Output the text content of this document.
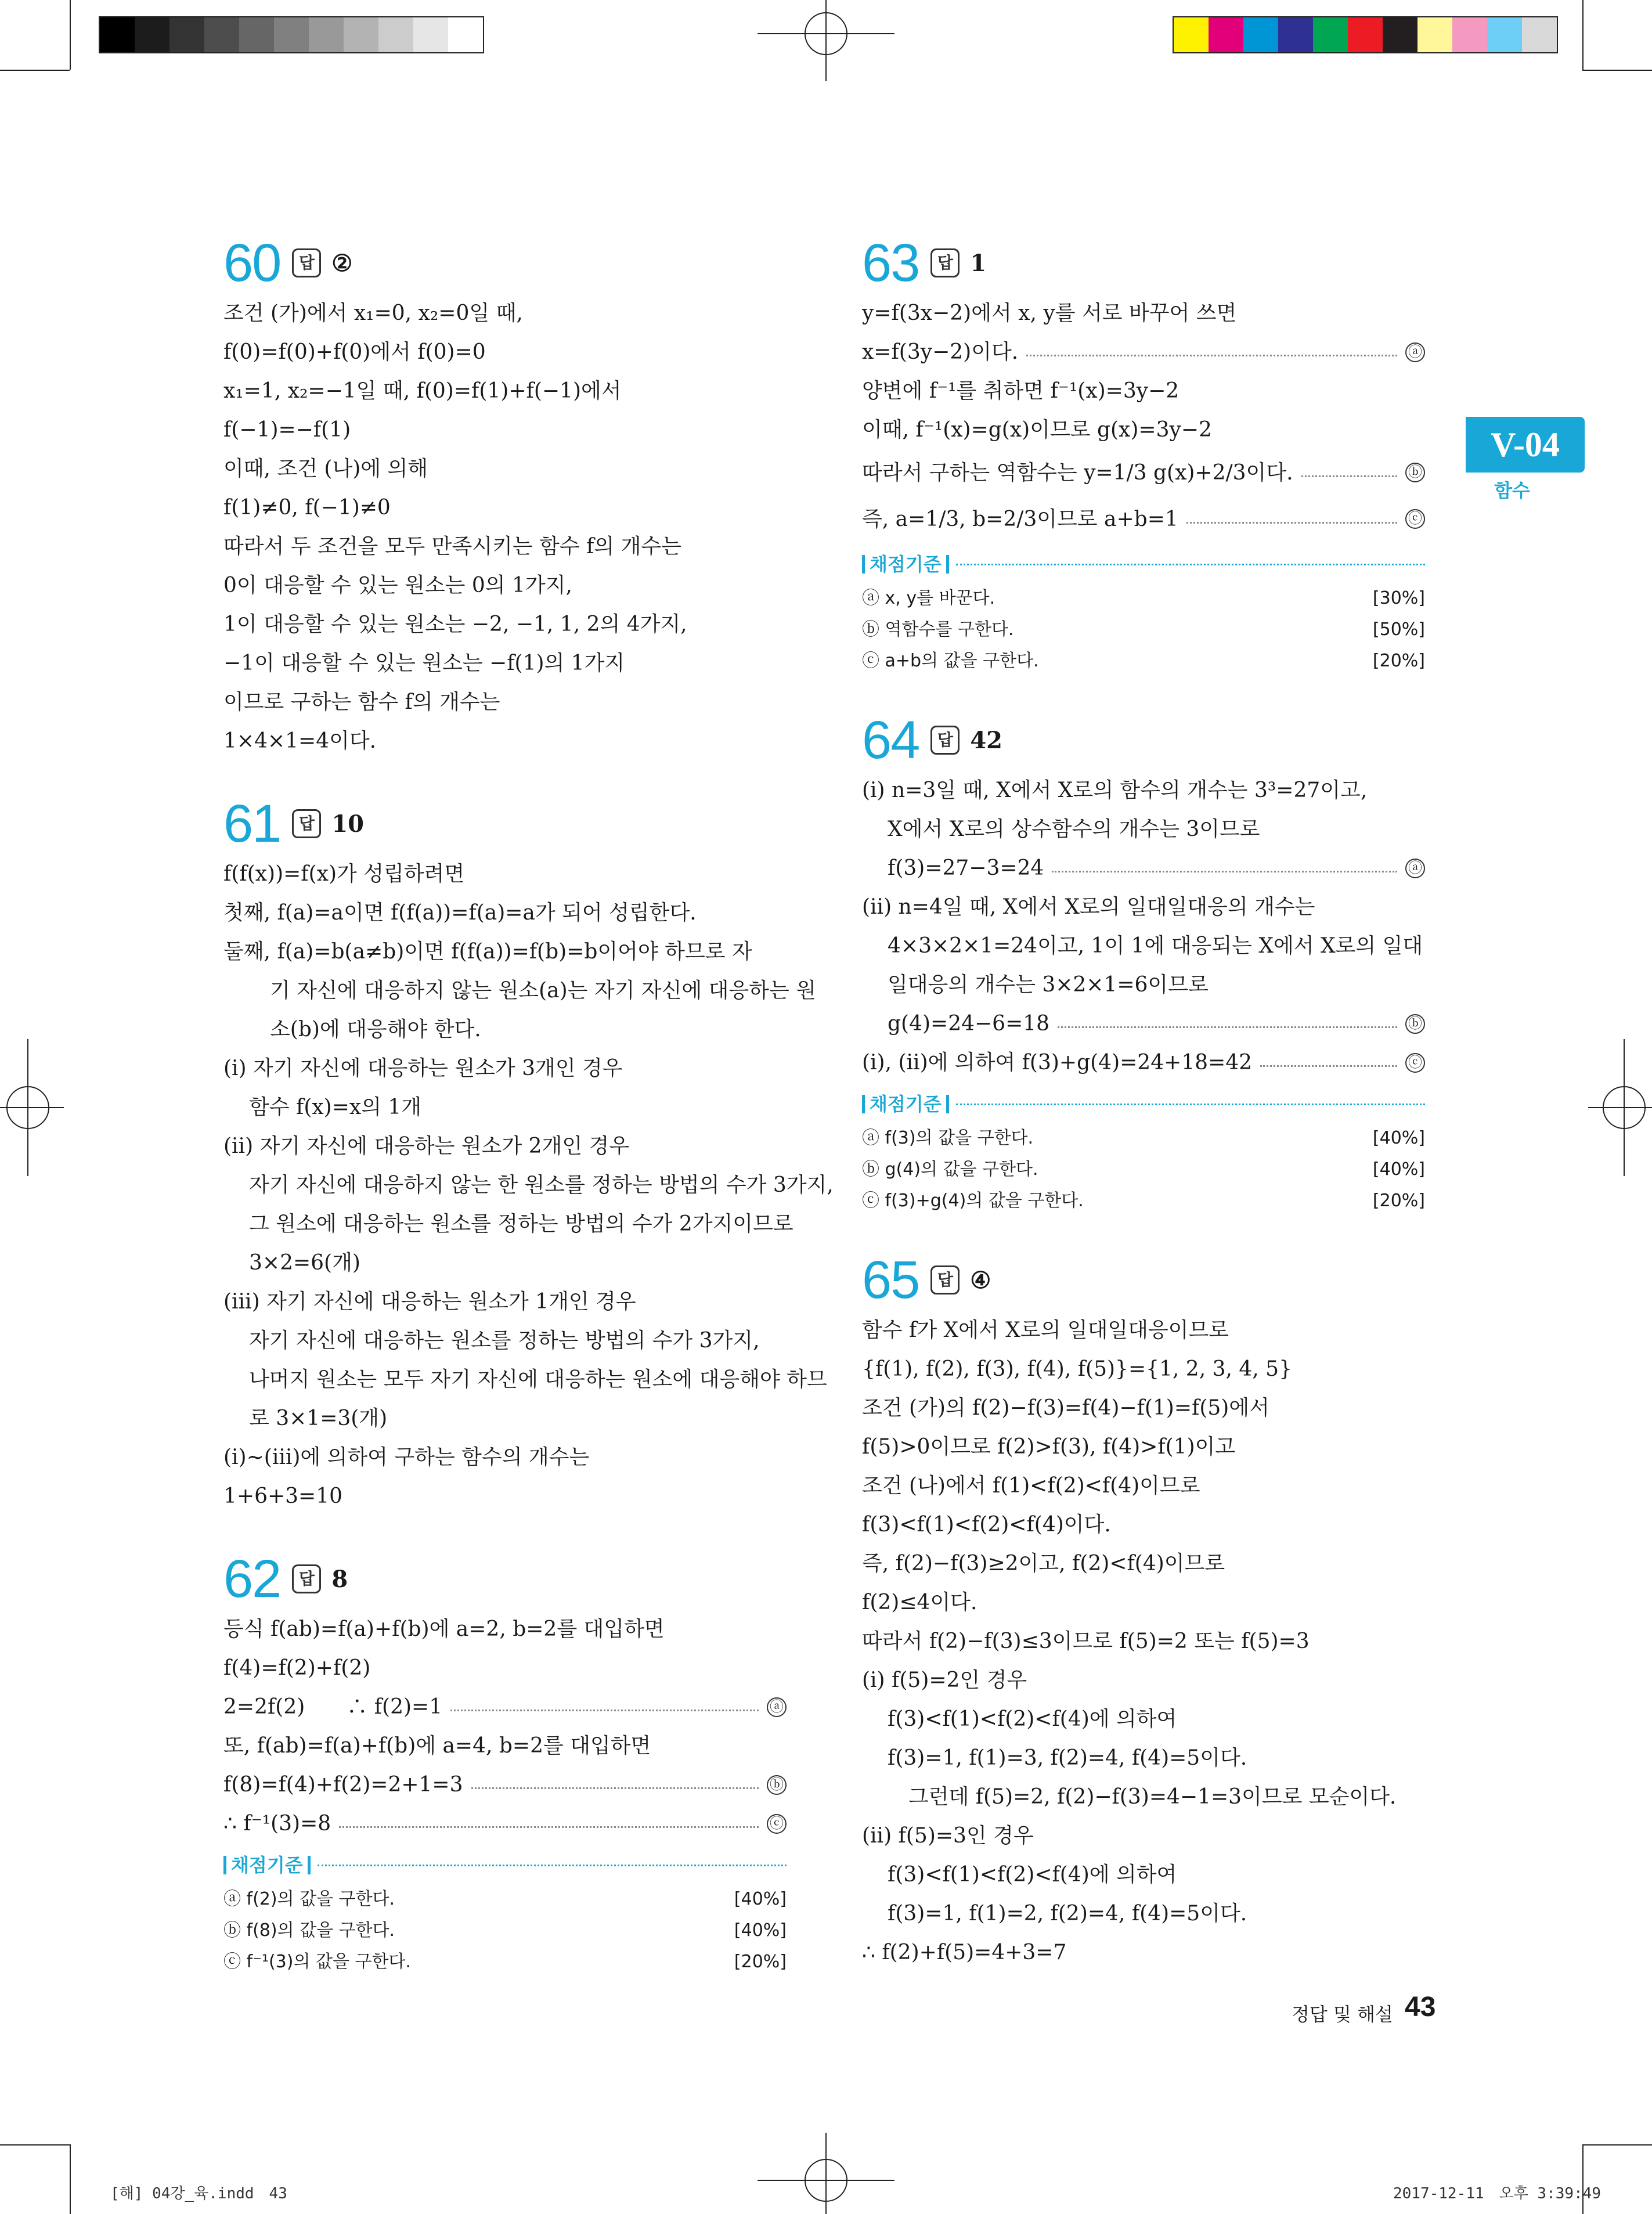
V-04
함수
60	답 ②
조건 (가)에서 x₁=0, x₂=0일 때,
f(0)=f(0)+f(0)에서 f(0)=0
x₁=1, x₂=−1일 때, f(0)=f(1)+f(−1)에서
f(−1)=−f(1)
이때, 조건 (나)에 의해
f(1)≠0, f(−1)≠0
따라서 두 조건을 모두 만족시키는 함수 f의 개수는
0이 대응할 수 있는 원소는 0의 1가지,
1이 대응할 수 있는 원소는 −2, −1, 1, 2의 4가지,
−1이 대응할 수 있는 원소는 −f(1)의 1가지
이므로 구하는 함수 f의 개수는
1×4×1=4이다.
61	답 10
f(f(x))=f(x)가 성립하려면
첫째, f(a)=a이면 f(f(a))=f(a)=a가 되어 성립한다.
둘째, f(a)=b(a≠b)이면 f(f(a))=f(b)=b이어야 하므로 자
기 자신에 대응하지 않는 원소(a)는 자기 자신에 대응하는 원
소(b)에 대응해야 한다.
(ⅰ) 자기 자신에 대응하는 원소가 3개인 경우
함수 f(x)=x의 1개
(ⅱ) 자기 자신에 대응하는 원소가 2개인 경우
자기 자신에 대응하지 않는 한 원소를 정하는 방법의 수가 3가지,
그 원소에 대응하는 원소를 정하는 방법의 수가 2가지이므로
3×2=6(개)
(ⅲ) 자기 자신에 대응하는 원소가 1개인 경우
자기 자신에 대응하는 원소를 정하는 방법의 수가 3가지,
나머지 원소는 모두 자기 자신에 대응하는 원소에 대응해야 하므
로 3×1=3(개)
(ⅰ)~(ⅲ)에 의하여 구하는 함수의 개수는
1+6+3=10
62	답 8
등식 f(ab)=f(a)+f(b)에 a=2, b=2를 대입하면
f(4)=f(2)+f(2)
2=2f(2)　　∴ f(2)=1	ⓐ
또, f(ab)=f(a)+f(b)에 a=4, b=2를 대입하면
f(8)=f(4)+f(2)=2+1=3	ⓑ
∴ f⁻¹(3)=8	ⓒ
채점기준
ⓐ f(2)의 값을 구한다.	[40%]
ⓑ f(8)의 값을 구한다.	[40%]
ⓒ f⁻¹(3)의 값을 구한다.	[20%]
63	답 1
y=f(3x−2)에서 x, y를 서로 바꾸어 쓰면
x=f(3y−2)이다.	ⓐ
양변에 f⁻¹를 취하면 f⁻¹(x)=3y−2
이때, f⁻¹(x)=g(x)이므로 g(x)=3y−2
따라서 구하는 역함수는 y=1/3 g(x)+2/3이다.	ⓑ
즉, a=1/3, b=2/3이므로 a+b=1	ⓒ
채점기준
ⓐ x, y를 바꾼다.	[30%]
ⓑ 역함수를 구한다.	[50%]
ⓒ a+b의 값을 구한다.	[20%]
64	답 42
(ⅰ) n=3일 때, X에서 X로의 함수의 개수는 3³=27이고,
X에서 X로의 상수함수의 개수는 3이므로
f(3)=27−3=24	ⓐ
(ⅱ) n=4일 때, X에서 X로의 일대일대응의 개수는
4×3×2×1=24이고, 1이 1에 대응되는 X에서 X로의 일대
일대응의 개수는 3×2×1=6이므로
g(4)=24−6=18	ⓑ
(ⅰ), (ⅱ)에 의하여 f(3)+g(4)=24+18=42	ⓒ
채점기준
ⓐ f(3)의 값을 구한다.	[40%]
ⓑ g(4)의 값을 구한다.	[40%]
ⓒ f(3)+g(4)의 값을 구한다.	[20%]
65	답 ④
함수 f가 X에서 X로의 일대일대응이므로
{f(1), f(2), f(3), f(4), f(5)}={1, 2, 3, 4, 5}
조건 (가)의 f(2)−f(3)=f(4)−f(1)=f(5)에서
f(5)>0이므로 f(2)>f(3), f(4)>f(1)이고
조건 (나)에서 f(1)<f(2)<f(4)이므로
f(3)<f(1)<f(2)<f(4)이다.
즉, f(2)−f(3)≥2이고, f(2)<f(4)이므로
f(2)≤4이다.
따라서 f(2)−f(3)≤3이므로 f(5)=2 또는 f(5)=3
(ⅰ) f(5)=2인 경우
f(3)<f(1)<f(2)<f(4)에 의하여
f(3)=1, f(1)=3, f(2)=4, f(4)=5이다.
그런데 f(5)=2, f(2)−f(3)=4−1=3이므로 모순이다.
(ⅱ) f(5)=3인 경우
f(3)<f(1)<f(2)<f(4)에 의하여
f(3)=1, f(1)=2, f(2)=4, f(4)=5이다.
∴ f(2)+f(5)=4+3=7
정답 및 해설 43
[해] 04강_육.indd　43	2017-12-11　오후 3:39:49
